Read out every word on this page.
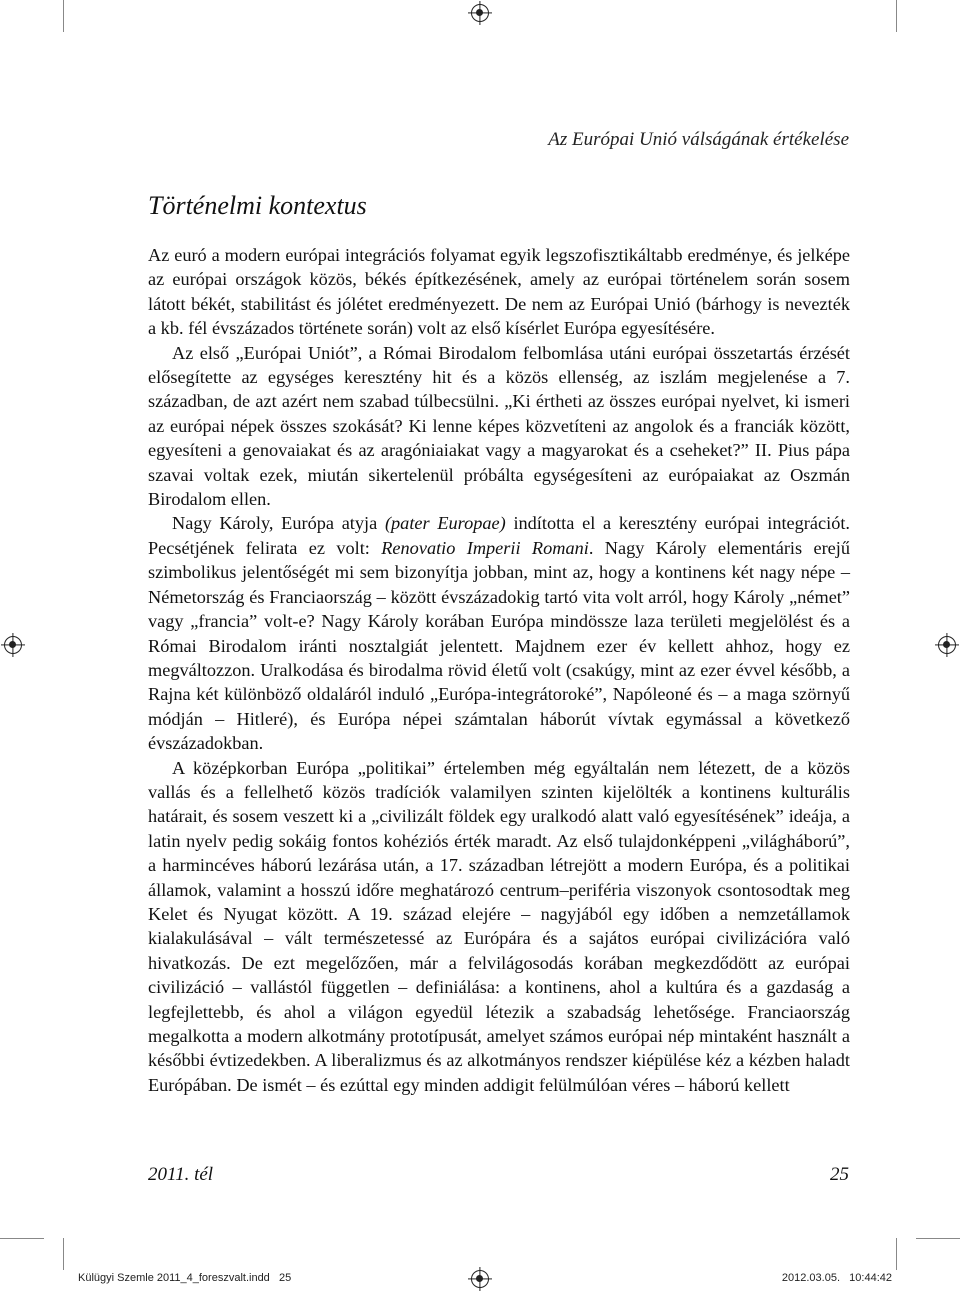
Az Európai Unió válságának értékelése
Történelmi kontextus

Az euró a modern európai integrációs folyamat egyik legszofisztikáltabb eredménye, és jelképe az európai országok közös, békés építkezésének, amely az európai történelem során sosem látott békét, stabilitást és jólétet eredményezett. De nem az Európai Unió (bárhogy is nevezték a kb. fél évszázados története során) volt az első kísérlet Európa egyesítésére.

Az első „Európai Uniót”, a Római Birodalom felbomlása utáni európai összetartás érzését elősegítette az egységes keresztény hit és a közös ellenség, az iszlám megjelenése a 7. században, de azt azért nem szabad túlbecsülni. „Ki értheti az összes európai nyelvet, ki ismeri az európai népek összes szokását? Ki lenne képes közvetíteni az angolok és a franciák között, egyesíteni a genovaiakat és az aragóniaiakat vagy a magyarokat és a cseheket?” II. Pius pápa szavai voltak ezek, miután sikertelenül próbálta egységesíteni az európaiakat az Oszmán Birodalom ellen.

Nagy Károly, Európa atyja (pater Europae) indította el a keresztény európai integrációt. Pecsétjének felirata ez volt: Renovatio Imperii Romani. Nagy Károly elementáris erejű szimbolikus jelentőségét mi sem bizonyítja jobban, mint az, hogy a kontinens két nagy népe – Németország és Franciaország – között évszázadokig tartó vita volt arról, hogy Károly „német” vagy „francia” volt-e? Nagy Károly korában Európa mindössze laza területi megjelölést és a Római Birodalom iránti nosztalgiát jelentett. Majdnem ezer év kellett ahhoz, hogy ez megváltozzon. Uralkodása és birodalma rövid életű volt (csakúgy, mint az ezer évvel később, a Rajna két különböző oldaláról induló „Európa-integrátoroké”, Napóleoné és – a maga szörnyű módján – Hitleré), és Európa népei számtalan háborút vívtak egymással a következő évszázadokban.

A középkorban Európa „politikai” értelemben még egyáltalán nem létezett, de a közös vallás és a fellelhető közös tradíciók valamilyen szinten kijelölték a kontinens kulturális határait, és sosem veszett ki a „civilizált földek egy uralkodó alatt való egyesítésének” ideája, a latin nyelv pedig sokáig fontos kohéziós érték maradt. Az első tulajdonképpeni „világháború”, a harmincéves háború lezárása után, a 17. században létrejött a modern Európa, és a politikai államok, valamint a hosszú időre meghatározó centrum–periféria viszonyok csontosodtak meg Kelet és Nyugat között. A 19. század elejére – nagyjából egy időben a nemzetállamok kialakulásával – vált természetessé az Európára és a sajátos európai civilizációra való hivatkozás. De ezt megelőzően, már a felvilágosodás korában megkezdődött az európai civilizáció – vallástól független – definiálása: a kontinens, ahol a kultúra és a gazdaság a legfejlettebb, és ahol a világon egyedül létezik a szabadság lehetősége. Franciaország megalkotta a modern alkotmány prototípusát, amelyet számos európai nép mintaként használt a későbbi évtizedekben. A liberalizmus és az alkotmányos rendszer kiépülése kéz a kézben haladt Európában. De ismét – és ezúttal egy minden addigit felülmúlóan véres – háború kellett

2011. tél	25
Külügyi Szemle 2011_4_foreszvalt.indd   25	2012.03.05.   10:44:42
